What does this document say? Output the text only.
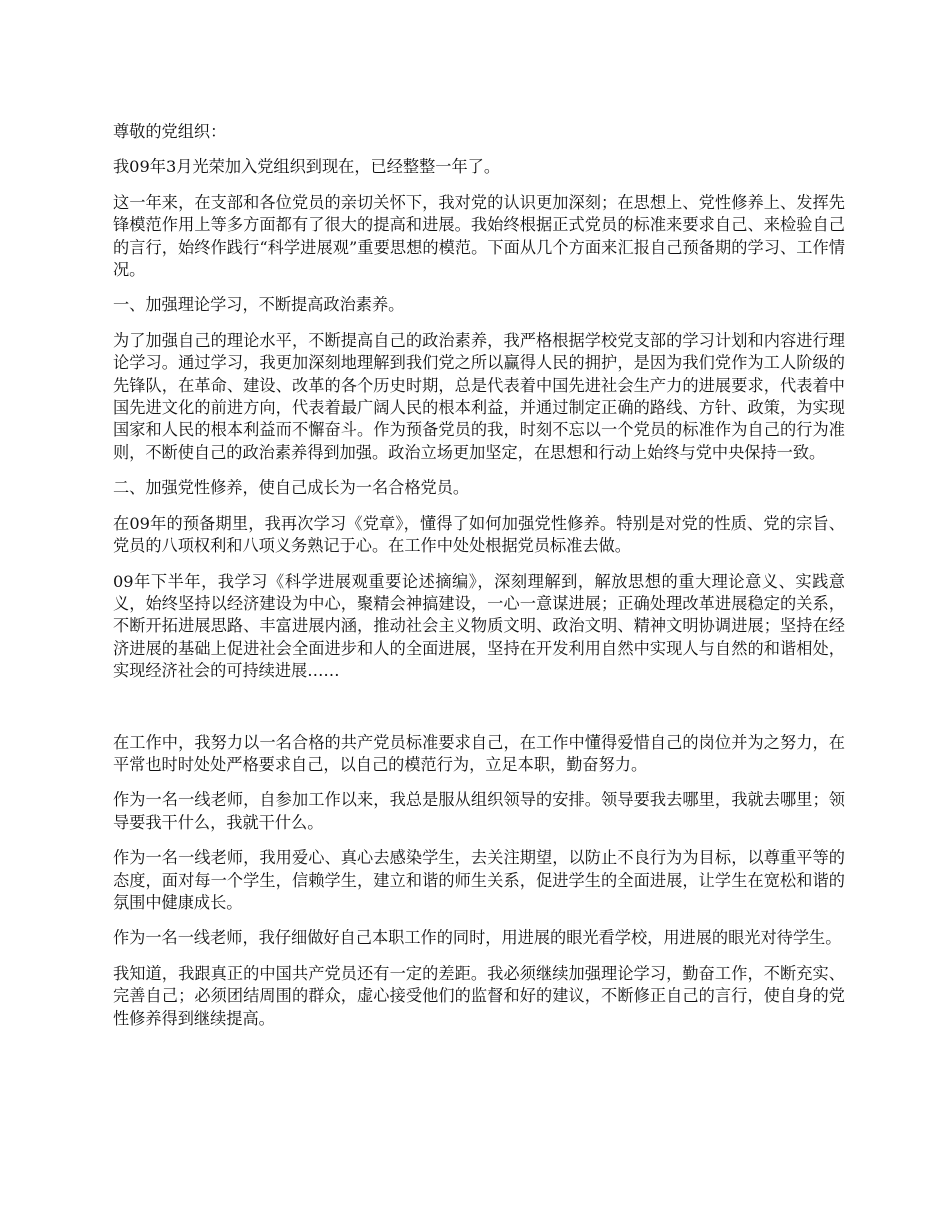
尊敬的党组织：

我09年3月光荣加入党组织到现在，已经整整一年了。

这一年来，在支部和各位党员的亲切关怀下，我对党的认识更加深刻；在思想上、党性修养上、发挥先锋模范作用上等多方面都有了很大的提高和进展。我始终根据正式党员的标准来要求自己、来检验自己的言行，始终作践行“科学进展观”重要思想的模范。下面从几个方面来汇报自己预备期的学习、工作情况。

一、加强理论学习，不断提高政治素养。

为了加强自己的理论水平，不断提高自己的政治素养，我严格根据学校党支部的学习计划和内容进行理论学习。通过学习，我更加深刻地理解到我们党之所以赢得人民的拥护，是因为我们党作为工人阶级的先锋队，在革命、建设、改革的各个历史时期，总是代表着中国先进社会生产力的进展要求，代表着中国先进文化的前进方向，代表着最广阔人民的根本利益，并通过制定正确的路线、方针、政策，为实现国家和人民的根本利益而不懈奋斗。作为预备党员的我，时刻不忘以一个党员的标准作为自己的行为准则，不断使自己的政治素养得到加强。政治立场更加坚定，在思想和行动上始终与党中央保持一致。

二、加强党性修养，使自己成长为一名合格党员。

在09年的预备期里，我再次学习《党章》，懂得了如何加强党性修养。特别是对党的性质、党的宗旨、党员的八项权利和八项义务熟记于心。在工作中处处根据党员标准去做。

09年下半年，我学习《科学进展观重要论述摘编》，深刻理解到，解放思想的重大理论意义、实践意义，始终坚持以经济建设为中心，聚精会神搞建设，一心一意谋进展；正确处理改革进展稳定的关系，不断开拓进展思路、丰富进展内涵，推动社会主义物质文明、政治文明、精神文明协调进展；坚持在经济进展的基础上促进社会全面进步和人的全面进展，坚持在开发利用自然中实现人与自然的和谐相处，实现经济社会的可持续进展……

在工作中，我努力以一名合格的共产党员标准要求自己，在工作中懂得爱惜自己的岗位并为之努力，在平常也时时处处严格要求自己，以自己的模范行为，立足本职，勤奋努力。

作为一名一线老师，自参加工作以来，我总是服从组织领导的安排。领导要我去哪里，我就去哪里；领导要我干什么，我就干什么。

作为一名一线老师，我用爱心、真心去感染学生，去关注期望，以防止不良行为为目标，以尊重平等的态度，面对每一个学生，信赖学生，建立和谐的师生关系，促进学生的全面进展，让学生在宽松和谐的氛围中健康成长。

作为一名一线老师，我仔细做好自己本职工作的同时，用进展的眼光看学校，用进展的眼光对待学生。

我知道，我跟真正的中国共产党员还有一定的差距。我必须继续加强理论学习，勤奋工作，不断充实、完善自己；必须团结周围的群众，虚心接受他们的监督和好的建议，不断修正自己的言行，使自身的党性修养得到继续提高。
